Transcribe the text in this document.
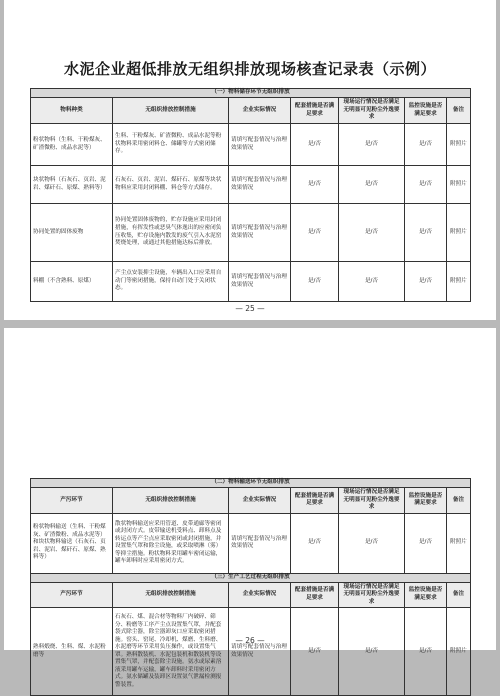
水泥企业超低排放无组织排放现场核查记录表（示例）
（一）物料储存环节无组织排放						
物料种类	无组织排放控制措施	企业实际情况	配套措施是否满足要求	现场运行情况是否满足无明显可见粉尘外逸要求	监控设施是否满足要求	备注
粉状物料（生料、干粉煤灰、矿渣微粉、成品水泥等）	生料、干粉煤灰、矿渣微粉、成品水泥等粉状物料采用密闭料仓、储罐等方式密闭储存。	请填写配套情况与治理效果情况	是/否	是/否	是/否	附照片
块状物料（石灰石、页岩、泥岩、煤矸石、原煤、熟料等）	石灰石、页岩、泥岩、煤矸石、原煤等块状物料应采用封闭料棚、料仓等方式储存。	请填写配套情况与治理效果情况	是/否	是/否	是/否	附照片
协同处置的固体废物	协同处置固体废物的，贮存设施应采用封闭措施，有挥发性或恶臭气体逸出的应密闭负压收集，贮存设施内散发的废气引入水泥窑焚烧处理，或通过其他措施达标后排放。	请填写配套情况与治理效果情况	是/否	是/否	是/否	附照片
料棚（不含熟料、原煤）	产尘点安装抑尘设施，车辆出入口应采用自动门等密闭措施，保持自动门处于关闭状态。	请填写配套情况与治理效果情况	是/否	是/否	是/否	附照片
— 25 —
（二）物料输送环节无组织排放						
产污环节	无组织排放控制措施	企业实际情况	配套措施是否满足要求	现场运行情况是否满足无明显可见粉尘外逸要求	监控设施是否满足要求	备注
粉状物料输送（生料、干粉煤灰、矿渣微粉、成品水泥等）和块状物料输送（石灰石、页岩、泥岩、煤矸石、原煤、熟料等）	散状物料输送应采用管道、皮带通廊等密闭或封闭方式。皮带输送机受料点、卸料点及转运点等产尘点应采取密闭或封闭措施，并设置集气罩和除尘设施，或采取喷淋（雾）等抑尘措施。粉状物料采用罐车密闭运输，罐车卸料时应采用密闭方式。	请填写配套情况与治理效果情况	是/否	是/否	是/否	附照片
（三）生产工艺过程无组织排放						
产污环节	无组织排放控制措施	企业实际情况	配套措施是否满足要求	现场运行情况是否满足无明显可见粉尘外逸要求	监控设施是否满足要求	备注
熟料煅烧、生料、煤、水泥粉磨等	石灰石、煤、混合材等物料厂内破碎、筛分、粉磨等工序产尘点设置集气罩，并配套袋式除尘器，除尘器卸灰口应采取密闭措施。窑头、窑尾、冷却机、煤磨、生料磨、水泥磨等环节采用负压操作，或设置集气罩。熟料散装机、水泥包装机和散装机等设置集气罩，并配套除尘设施。氨水或尿素溶液采用罐车运输，罐车卸料时采用密闭方式。氨水储罐及装卸区设置氨气泄漏检测报警装置。	请填写配套情况与治理效果情况	是/否	是/否	是/否	附照片
— 26 —
